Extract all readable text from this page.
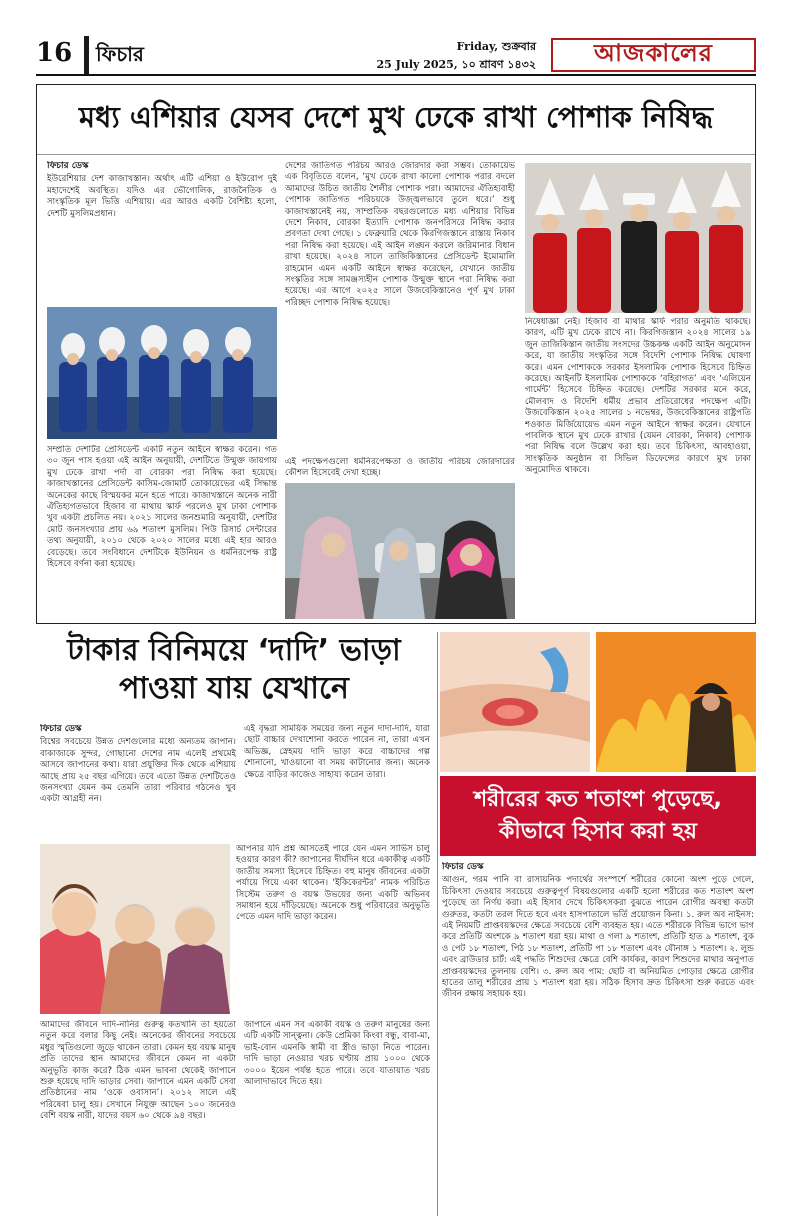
16 ফিচার	Friday, শুক্রবার
25 July 2025, ১০ শ্রাবণ ১৪৩২ আজকালের
মধ্য এশিয়ার যেসব দেশে মুখ ঢেকে রাখা পোশাক নিষিদ্ধ
ফিচার ডেস্ক
ইউরেশিয়ার দেশ কাজাখস্তান। অর্থাৎ এটি এশিয়া ও ইউরোপ দুই মহাদেশেই অবস্থিত। যদিও এর ভৌগোলিক, রাজনৈতিক ও সাংস্কৃতিক মূল ভিত্তি এশিয়ায়। এর আরও একটি বৈশিষ্ট্য হলো, দেশটি মুসলিমপ্রধান।
সম্প্রতি দেশটির প্রেসিডেন্ট একটি নতুন আইনে স্বাক্ষর করেন। গত ৩০ জুন পাস হওয়া এই আইন অনুযায়ী, দেশটিতে উন্মুক্ত জায়গায় মুখ ঢেকে রাখা পর্দা বা বোরকা পরা নিষিদ্ধ করা হয়েছে। কাজাখস্তানের প্রেসিডেন্ট কাসিম-জোমার্ট তোকায়েভের এই সিদ্ধান্ত অনেকের কাছে বিস্ময়কর মনে হতে পারে। কাজাখস্তানে অনেক নারী ঐতিহ্যগতভাবে হিজাব বা মাথায় স্কার্ফ পরলেও মুখ ঢাকা পোশাক খুব একটা প্রচলিত নয়। ২০২১ সালের জনশুমারি অনুযায়ী, দেশটির মোট জনসংখ্যার প্রায় ৬৯ শতাংশ মুসলিম। পিউ রিসার্চ সেন্টারের তথ্য অনুযায়ী, ২০১০ থেকে ২০২০ সালের মধ্যে এই হার আরও বেড়েছে। তবে সংবিধানে দেশটিকে ইউনিয়ন ও ধর্মনিরপেক্ষ রাষ্ট্র হিসেবে বর্ণনা করা হয়েছে।
দেশের জাতিগত পরিচয় আরও জোরদার করা সম্ভব। তোকায়েভ এক বিবৃতিতে বলেন, ‘মুখ ঢেকে রাখা কালো পোশাক পরার বদলে আমাদের উচিত জাতীয় শৈলীর পোশাক পরা। আমাদের ঐতিহ্যবাহী পোশাক জাতিগত পরিচয়কে উজ্জ্বলভাবে তুলে ধরে।’ শুধু কাজাখস্তানেই নয়, সাম্প্রতিক বছরগুলোতে মধ্য এশিয়ার বিভিন্ন দেশে নিকাব, বোরকা ইত্যাদি পোশাক জনপরিসরে নিষিদ্ধ করার প্রবণতা দেখা গেছে। ১ ফেব্রুয়ারি থেকে কিরগিজস্তানে রাস্তায় নিকাব পরা নিষিদ্ধ করা হয়েছে। এই আইন লঙ্ঘন করলে জরিমানার বিধান রাখা হয়েছে। ২০২৪ সালে তাজিকিস্তানের প্রেসিডেন্ট ইমোমালি রাহমোন এমন একটি আইনে স্বাক্ষর করেছেন, যেখানে জাতীয় সংস্কৃতির সঙ্গে সামঞ্জস্যহীন পোশাক উন্মুক্ত স্থানে পরা নিষিদ্ধ করা হয়েছে। এর আগে ২০২৫ সালে উজবেকিস্তানেও পূর্ণ মুখ ঢাকা পরিচ্ছদ পোশাক নিষিদ্ধ হয়েছে।
এই পদক্ষেপগুলো ধর্মনিরপেক্ষতা ও জাতীয় পরিচয় জোরদারের কৌশল হিসেবেই দেখা হচ্ছে।
নিষেধাজ্ঞা নেই। হিজাব বা মাথার স্কার্ফ পরার অনুমতি থাকছে। কারণ, এটি মুখ ঢেকে রাখে না। কিরগিজস্তান ২০২৪ সালের ১৯ জুন তাজিকিস্তান জাতীয় সংসদের উচ্চকক্ষ একটি আইন অনুমোদন করে, যা জাতীয় সংস্কৃতির সঙ্গে বিদেশি পোশাক নিষিদ্ধ ঘোষণা করে। এমন পোশাককে সরকার ইসলামিক পোশাক হিসেবে চিহ্নিত করেছে। আইনটি ইসলামিক পোশাককে ‘বহিরাগত’ এবং ‘এলিয়েন গার্মেন্ট’ হিসেবে চিহ্নিত করেছে। দেশটির সরকার মনে করে, মৌলবাদ ও বিদেশি ধর্মীয় প্রভাব প্রতিরোধের পদক্ষেপ এটি। উজবেকিস্তান ২০২৫ সালের ১ নভেম্বর, উজবেকিস্তানের রাষ্ট্রপতি শওকাত মির্জিয়োয়েভ এমন নতুন আইনে স্বাক্ষর করেন। যেখানে পাবলিক স্থানে মুখ ঢেকে রাখার (যেমন বোরকা, নিকাব) পোশাক পরা নিষিদ্ধ বলে উল্লেখ করা হয়। তবে চিকিৎসা, আবহাওয়া, সাংস্কৃতিক অনুষ্ঠান বা সিভিল ডিফেন্সের কারণে মুখ ঢাকা অনুমোদিত থাকবে।
টাকার বিনিময়ে ‘দাদি’ ভাড়া
পাওয়া যায় যেখানে
ফিচার ডেস্ক
বিশ্বের সবচেয়ে উন্নত দেশগুলোর মধ্যে অন্যতম জাপান। বাকাজাকে সুন্দর, গোছানো দেশের নাম এলেই প্রথমেই আসবে জাপানের কথা। যারা প্রযুক্তির দিক থেকে এশিয়ায় আছে প্রায় ২৫ বছর এগিয়ে। তবে এতো উন্নত দেশটিতেও জনসংখ্যা যেমন কম তেমনি তারা পরিবার গঠনেও খুব একটা আগ্রহী নন।
এই বৃদ্ধরা সাময়িক সময়ের জন্য নতুন দাদা-দাদি, যারা ছোট বাচ্চার দেখাশোনা করতে পারেন না, তারা এখন অভিজ্ঞ, স্নেহময় দাদি ভাড়া করে বাচ্চাদের গল্প শোনানো, খাওয়ানো বা সময় কাটানোর জন্য। অনেক ক্ষেত্রে বাড়ির কাজেও সাহায্য করেন তারা।
আপনার যদি প্রশ্ন আসতেই পারে যেন এমন সার্ভিস চালু হওয়ার কারণ কী? জাপানের দীর্ঘদিন ধরে একাকীত্ব একটি জাতীয় সমস্যা হিসেবে চিহ্নিত। বহু মানুষ জীবনের একটা পর্যায়ে গিয়ে একা থাকেন। ‘ইকিকেরন্টর’ নামক পরিচিত সিস্টেম তরুণ ও বয়স্ক উভয়ের জন্য একটি অভিনব সমাধান হয়ে দাঁড়িয়েছে। অনেকে শুধু পরিবারের অনুভূতি পেতে এমন দাদি ভাড়া করেন।
আমাদের জীবনে দাদি-নানির গুরুত্ব কতখানি তা হয়তো নতুন করে বলার কিছু নেই। অনেকের জীবনের সবচেয়ে মধুর স্মৃতিগুলো জুড়ে থাকেন তারা। কেমন হয় বয়স্ক মানুষ প্রতি তাদের স্থান আমাদের জীবনে কেমন না একটা অনুভূতি কাজ করে? ঠিক এমন ভাবনা থেকেই জাপানে শুরু হয়েছে দাদি ভাড়ার সেবা। জাপানে এমন একটি সেবা প্রতিষ্ঠানের নাম ‘ওকে ওবাসান’। ২০১২ সালে এই পরিষেবা চালু হয়। সেখানে নিযুক্ত আছেন ১০০ জনেরও বেশি বয়স্ক নারী, যাদের বয়স ৬০ থেকে ৯৪ বছর।
জাপানে এমন সব একাকী বয়স্ক ও তরুণ মানুষের জন্য এটি একটি সান্ত্বনা। কেউ প্রেমিকা কিংবা বন্ধু, বাবা-মা, ভাই-বোন এমনকি স্বামী বা স্ত্রীও ভাড়া নিতে পারেন। দাদি ভাড়া নেওয়ার খরচ ঘণ্টায় প্রায় ১০০০ থেকে ৩০০০ ইয়েন পর্যন্ত হতে পারে। তবে যাতায়াত খরচ আলাদাভাবে দিতে হয়।
শরীরের কত শতাংশ পুড়েছে,
কীভাবে হিসাব করা হয়
ফিচার ডেস্ক
আগুন, গরম পানি বা রাসায়নিক পদার্থের সংস্পর্শে শরীরের কোনো অংশ পুড়ে গেলে, চিকিৎসা দেওয়ার সবচেয়ে গুরুত্বপূর্ণ বিষয়গুলোর একটি হলো শরীরের কত শতাংশ অংশ পুড়েছে তা নির্ণয় করা। এই হিসাব দেখে চিকিৎসকরা বুঝতে পারেন রোগীর অবস্থা কতটা গুরুতর, কতটা তরল দিতে হবে এবং হাসপাতালে ভর্তি প্রয়োজন কিনা। ১. রুল অব নাইনস: এই নিয়মটি প্রাপ্তবয়স্কদের ক্ষেত্রে সবচেয়ে বেশি ব্যবহৃত হয়। এতে শরীরকে বিভিন্ন ভাগে ভাগ করে প্রতিটি অংশকে ৯ শতাংশ ধরা হয়। মাথা ও গলা ৯ শতাংশ, প্রতিটি হাত ৯ শতাংশ, বুক ও পেট ১৮ শতাংশ, পিঠ ১৮ শতাংশ, প্রতিটি পা ১৮ শতাংশ এবং যৌনাঙ্গ ১ শতাংশ। ২. লুন্ড এবং ব্রাউডার চার্ট: এই পদ্ধতি শিশুদের ক্ষেত্রে বেশি কার্যকর, কারণ শিশুদের মাথার অনুপাত প্রাপ্তবয়স্কদের তুলনায় বেশি। ৩. রুল অব পাম: ছোট বা অনিয়মিত পোড়ার ক্ষেত্রে রোগীর হাতের তালু শরীরের প্রায় ১ শতাংশ ধরা হয়। সঠিক হিসাব দ্রুত চিকিৎসা শুরু করতে এবং জীবন রক্ষায় সহায়ক হয়।
